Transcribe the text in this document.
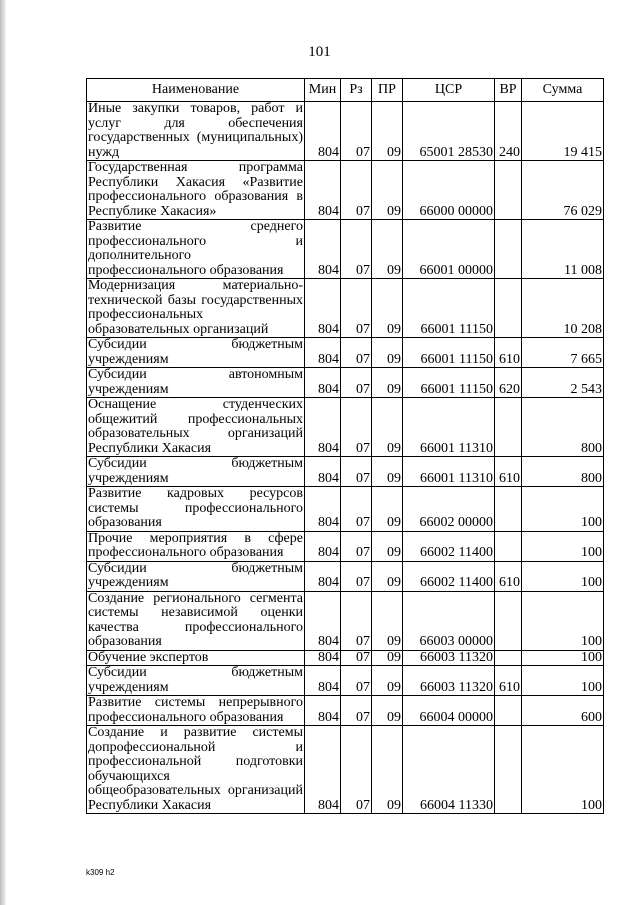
101
Наименование	Мин	Рз	ПР	ЦСР	ВР	Сумма
Иные закупки товаров, работ и услуг для обеспечения государственных (муниципальных) нужд	804	07	09	65001 28530	240	19 415
Государственная программа Республики Хакасия «Развитие профессионального образования в Республике Хакасия»	804	07	09	66000 00000		76 029
Развитие среднего профессионального и дополнительного профессионального образования	804	07	09	66001 00000		11 008
Модернизация материально-технической базы государственных профессиональных образовательных организаций	804	07	09	66001 11150		10 208
Субсидии бюджетным учреждениям	804	07	09	66001 11150	610	7 665
Субсидии автономным учреждениям	804	07	09	66001 11150	620	2 543
Оснащение студенческих общежитий профессиональных образовательных организаций Республики Хакасия	804	07	09	66001 11310		800
Субсидии бюджетным учреждениям	804	07	09	66001 11310	610	800
Развитие кадровых ресурсов системы профессионального образования	804	07	09	66002 00000		100
Прочие мероприятия в сфере профессионального образования	804	07	09	66002 11400		100
Субсидии бюджетным учреждениям	804	07	09	66002 11400	610	100
Создание регионального сегмента системы независимой оценки качества профессионального образования	804	07	09	66003 00000		100
Обучение экспертов	804	07	09	66003 11320		100
Субсидии бюджетным учреждениям	804	07	09	66003 11320	610	100
Развитие системы непрерывного профессионального образования	804	07	09	66004 00000		600
Создание и развитие системы допрофессиональной и профессиональной подготовки обучающихся общеобразовательных организаций Республики Хакасия	804	07	09	66004 11330		100
k309 h2
